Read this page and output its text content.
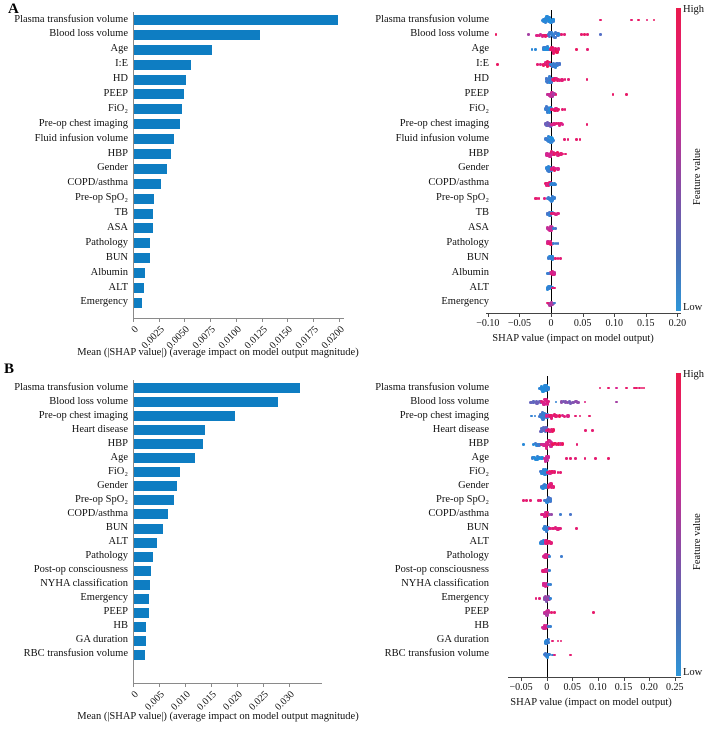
A
B
0
0.0025
0.0050
0.0075
0.0100
0.0125
0.0150
0.0175
0.0200
Plasma transfusion volume
Blood loss volume
Age
I:E
HD
PEEP
FiO₂
Pre-op chest imaging
Fluid infusion volume
HBP
Gender
COPD/asthma
Pre-op SpO₂
TB
ASA
Pathology
BUN
Albumin
ALT
Emergency
Mean (|SHAP value|) (average impact on model output magnitude)
−0.10 −0.05	0	0.05	0.10	0.15	0.20
Plasma transfusion volume
Blood loss volume
Age
I:E
HD
PEEP
FiO₂
Pre-op chest imaging
Fluid infusion volume
HBP
Gender
COPD/asthma
Pre-op SpO₂
TB
ASA
Pathology
BUN
Albumin
ALT
Emergency
SHAP value (impact on model output)
High
Low
Feature value
0 0.005 0.010 0.015 0.020 0.025 0.030
Plasma transfusion volume
Blood loss volume
Pre-op chest imaging
Heart disease
HBP
Age
FiO₂
Gender
Pre-op SpO₂
COPD/asthma
BUN
ALT
Pathology
Post-op consciousness
NYHA classification
Emergency
PEEP
HB
GA duration
RBC transfusion volume
Mean (|SHAP value|) (average impact on model output magnitude)
−0.05	0	0.05 0.10 0.15 0.20 0.25
Plasma transfusion volume
Blood loss volume
Pre-op chest imaging
Heart disease
HBP
Age
FiO₂
Gender
Pre-op SpO₂
COPD/asthma
BUN
ALT
Pathology
Post-op consciousness
NYHA classification
Emergency
PEEP
HB
GA duration
RBC transfusion volume
SHAP value (impact on model output)
High
Low
Feature value
